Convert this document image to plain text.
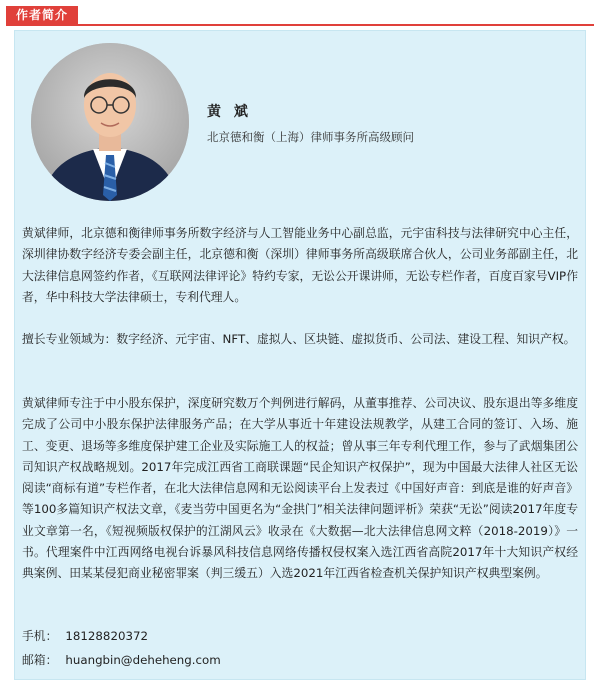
作者简介
黄 斌
北京德和衡（上海）律师事务所高级顾问

黄斌律师，北京德和衡律师事务所数字经济与人工智能业务中心副总监，元宇宙科技与法律研究中心主任，深圳律协数字经济专委会副主任，北京德和衡（深圳）律师事务所高级联席合伙人，公司业务部副主任，北大法律信息网签约作者，《互联网法律评论》特约专家，无讼公开课讲师，无讼专栏作者，百度百家号VIP作者，华中科技大学法律硕士，专利代理人。

擅长专业领域为：数字经济、元宇宙、NFT、虚拟人、区块链、虚拟货币、公司法、建设工程、知识产权。

黄斌律师专注于中小股东保护，深度研究数万个判例进行解码，从董事推荐、公司决议、股东退出等多维度完成了公司中小股东保护法律服务产品；在大学从事近十年建设法规教学，从建工合同的签订、入场、施工、变更、退场等多维度保护建工企业及实际施工人的权益；曾从事三年专利代理工作，参与了武烟集团公司知识产权战略规划。2017年完成江西省工商联课题“民企知识产权保护”，现为中国最大法律人社区无讼阅读“商标有道”专栏作者，在北大法律信息网和无讼阅读平台上发表过《中国好声音：到底是谁的好声音》等100多篇知识产权法文章，《麦当劳中国更名为“金拱门”相关法律问题评析》荣获“无讼”阅读2017年度专业文章第一名，《短视频版权保护的江湖风云》收录在《大数据—北大法律信息网文粹（2018-2019）》一书。代理案件中江西网络电视台诉暴风科技信息网络传播权侵权案入选江西省高院2017年十大知识产权经典案例、田某某侵犯商业秘密罪案（判三缓五）入选2021年江西省检查机关保护知识产权典型案例。

手机： 18128820372
邮箱： huangbin@deheheng.com
